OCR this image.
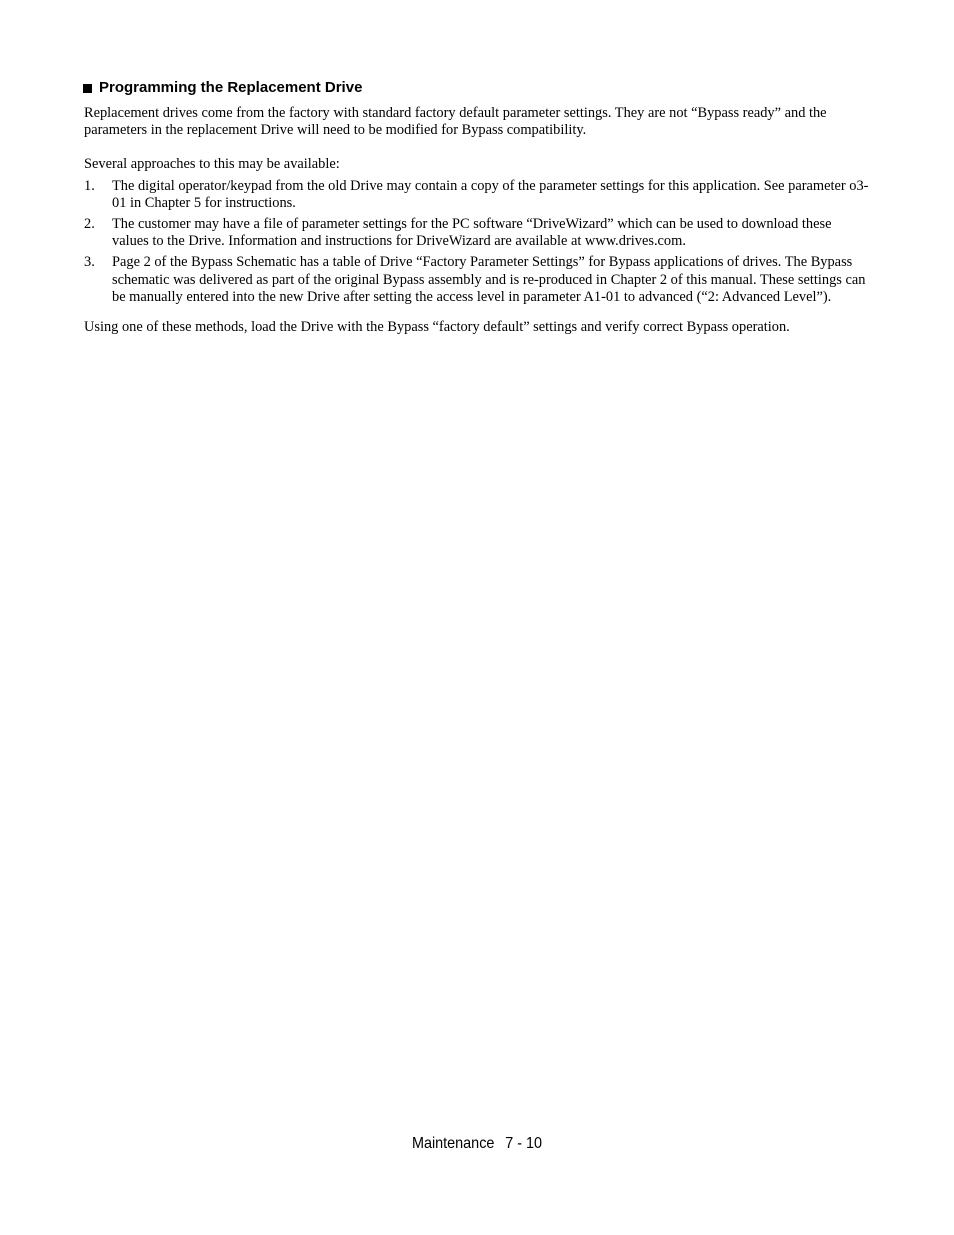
Programming the Replacement Drive

Replacement drives come from the factory with standard factory default parameter settings. They are not “Bypass ready” and the parameters in the replacement Drive will need to be modified for Bypass compatibility.

Several approaches to this may be available:

1.	The digital operator/keypad from the old Drive may contain a copy of the parameter settings for this application. See parameter o3-01 in Chapter 5 for instructions.
2.	The customer may have a file of parameter settings for the PC software “DriveWizard” which can be used to download these values to the Drive. Information and instructions for DriveWizard are available at www.drives.com.
3.	Page 2 of the Bypass Schematic has a table of Drive “Factory Parameter Settings” for Bypass applications of drives. The Bypass schematic was delivered as part of the original Bypass assembly and is re-produced in Chapter 2 of this manual. These settings can be manually entered into the new Drive after setting the access level in parameter A1-01 to advanced (“2: Advanced Level”).

Using one of these methods, load the Drive with the Bypass “factory default” settings and verify correct Bypass operation.

Maintenance 7 - 10
